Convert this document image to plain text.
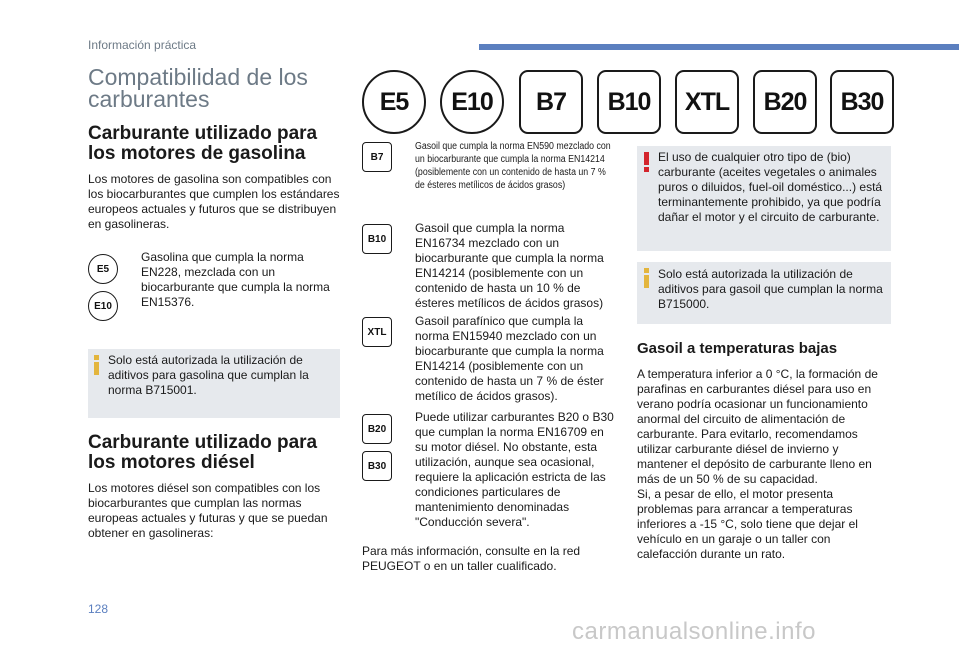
Información práctica
Compatibilidad de los carburantes	E5 E10 B7 B10 XTL B20 B30
Carburante utilizado para los motores de gasolina
Los motores de gasolina son compatibles con los biocarburantes que cumplen los estándares europeos actuales y futuros que se distribuyen en gasolineras.
E5
E10
Gasolina que cumpla la norma EN228, mezclada con un biocarburante que cumpla la norma EN15376.
Solo está autorizada la utilización de aditivos para gasolina que cumplan la norma B715001.
Carburante utilizado para los motores diésel
Los motores diésel son compatibles con los biocarburantes que cumplan las normas europeas actuales y futuras y que se puedan obtener en gasolineras:
B7
Gasoil que cumpla la norma EN590 mezclado con un biocarburante que cumpla la norma EN14214 (posiblemente con un contenido de hasta un 7 % de ésteres metílicos de ácidos grasos)
B10
Gasoil que cumpla la norma EN16734 mezclado con un biocarburante que cumpla la norma EN14214 (posiblemente con un contenido de hasta un 10 % de ésteres metílicos de ácidos grasos)
XTL
Gasoil parafínico que cumpla la norma EN15940 mezclado con un biocarburante que cumpla la norma EN14214 (posiblemente con un contenido de hasta un 7 % de éster metílico de ácidos grasos).
B20
B30
Puede utilizar carburantes B20 o B30 que cumplan la norma EN16709 en su motor diésel. No obstante, esta utilización, aunque sea ocasional, requiere la aplicación estricta de las condiciones particulares de mantenimiento denominadas "Conducción severa".
Para más información, consulte en la red PEUGEOT o en un taller cualificado.
El uso de cualquier otro tipo de (bio) carburante (aceites vegetales o animales puros o diluidos, fuel-oil doméstico...) está terminantemente prohibido, ya que podría dañar el motor y el circuito de carburante.
Solo está autorizada la utilización de aditivos para gasoil que cumplan la norma B715000.
Gasoil a temperaturas bajas
A temperatura inferior a 0 °C, la formación de parafinas en carburantes diésel para uso en verano podría ocasionar un funcionamiento anormal del circuito de alimentación de carburante. Para evitarlo, recomendamos utilizar carburante diésel de invierno y mantener el depósito de carburante lleno en más de un 50 % de su capacidad.
Si, a pesar de ello, el motor presenta problemas para arrancar a temperaturas inferiores a -15 °C, solo tiene que dejar el vehículo en un garaje o un taller con calefacción durante un rato.
128
carmanualsonline.info
